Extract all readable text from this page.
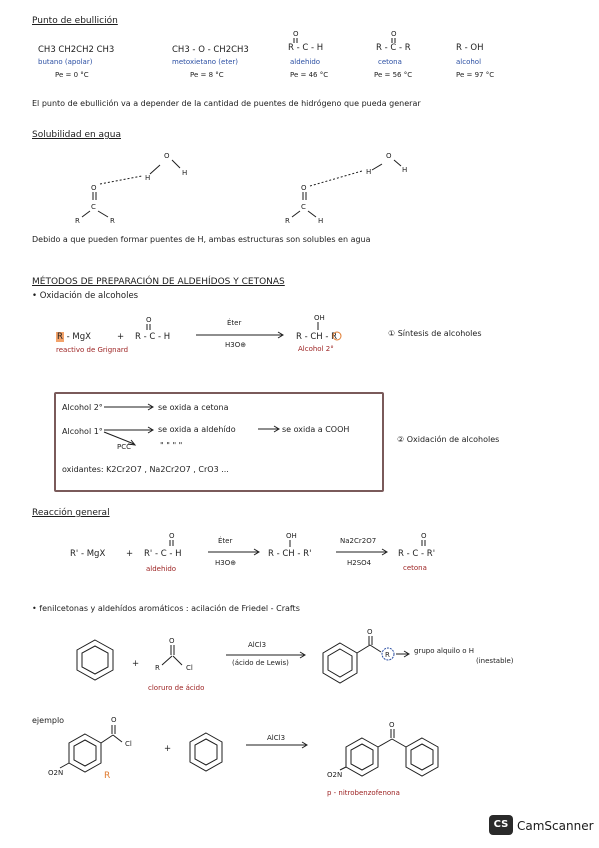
Punto de ebullición
CH3 CH2CH2 CH3
butano (apolar)
Pe = 0 °C
CH3 - O - CH2CH3
metoxietano (eter)
Pe = 8 °C
R - C - H
aldehido
Pe = 46 °C
R - C - R
cetona
Pe = 56 °C
R - OH
alcohol
Pe = 97 °C
El punto de ebullición va a depender de la cantidad de puentes de hidrógeno que pueda generar
Solubilidad en agua
Debido a que pueden formar puentes de H, ambas estructuras son solubles en agua
MÉTODOS DE PREPARACIÓN DE ALDEHÍDOS Y CETONAS
• Oxidación de alcoholes
R - MgX
reactivo de Grignard
+ R - C - H
Éter
H3O⊕
R - CH - R
Alcohol 2°
① Síntesis de alcoholes
Alcohol 2°	se oxida a cetona
Alcohol 1°	se oxida a aldehído	se oxida a COOH
PCC	" " " "
oxidantes: K2Cr2O7 , Na2Cr2O7 , CrO3 ...
② Oxidación de alcoholes
Reacción general
R' - MgX + R' - C - H
aldehido
Éter
H3O⊕
R - CH - R'
Na2Cr2O7
H2SO4
R - C - R'
cetona
• fenilcetonas y aldehídos aromáticos : acilación de Friedel - Crafts
+
cloruro de ácido
AlCl3
(ácido de Lewis)
grupo alquilo o H
(inestable)
ejemplo
O2N
+
AlCl3
O2N
p - nitrobenzofenona
O	O
O
H
H
O
C
R	R
O
H	H
O
C
R	H
O	OH
O	OH	O
R
O
Cl
O
R
O
Cl
R
O
CS CamScanner
